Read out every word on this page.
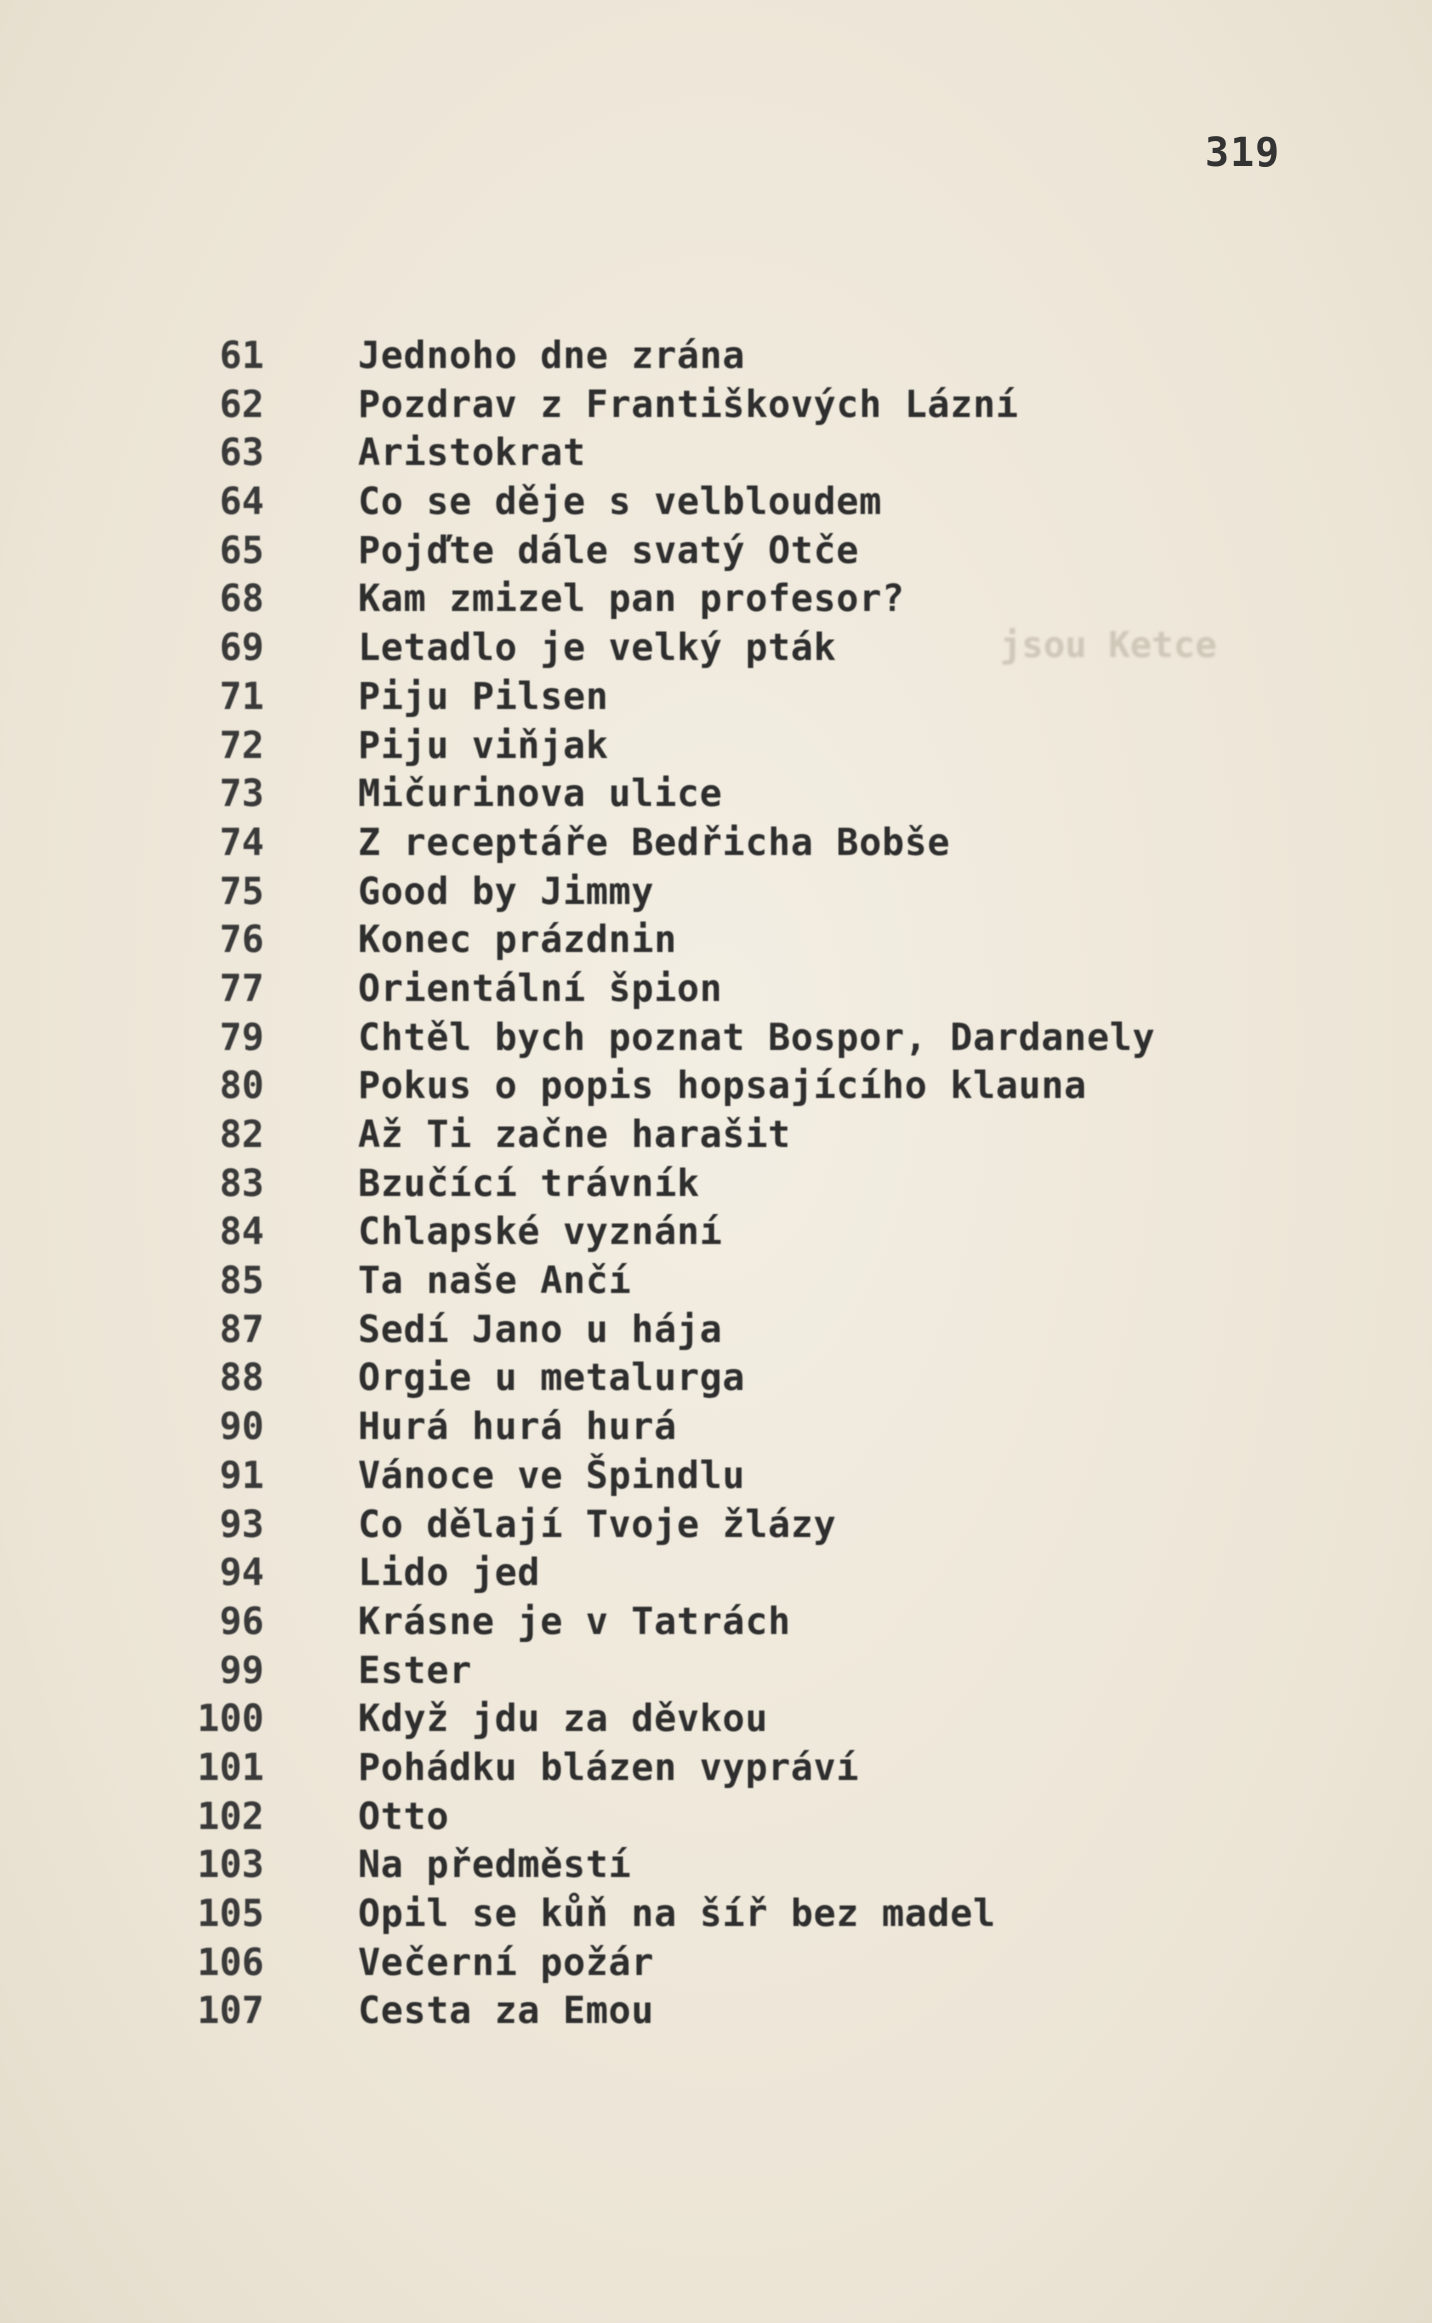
319
jsou Ketce
61	Jednoho dne zrána
62	Pozdrav z Františkových Lázní
63	Aristokrat
64	Co se děje s velbloudem
65	Pojďte dále svatý Otče
68	Kam zmizel pan profesor?
69	Letadlo je velký pták
71	Piju Pilsen
72	Piju viňjak
73	Mičurinova ulice
74	Z receptáře Bedřicha Bobše
75	Good by Jimmy
76	Konec prázdnin
77	Orientální špion
79	Chtěl bych poznat Bospor, Dardanely
80	Pokus o popis hopsajícího klauna
82	Až Ti začne harašit
83	Bzučící trávník
84	Chlapské vyznání
85	Ta naše Ančí
87	Sedí Jano u hája
88	Orgie u metalurga
90	Hurá hurá hurá
91	Vánoce ve Špindlu
93	Co dělají Tvoje žlázy
94	Lido jed
96	Krásne je v Tatrách
99	Ester
100	Když jdu za děvkou
101	Pohádku blázen vypráví
102	Otto
103	Na předměstí
105	Opil se kůň na šíř bez madel
106	Večerní požár
107	Cesta za Emou
